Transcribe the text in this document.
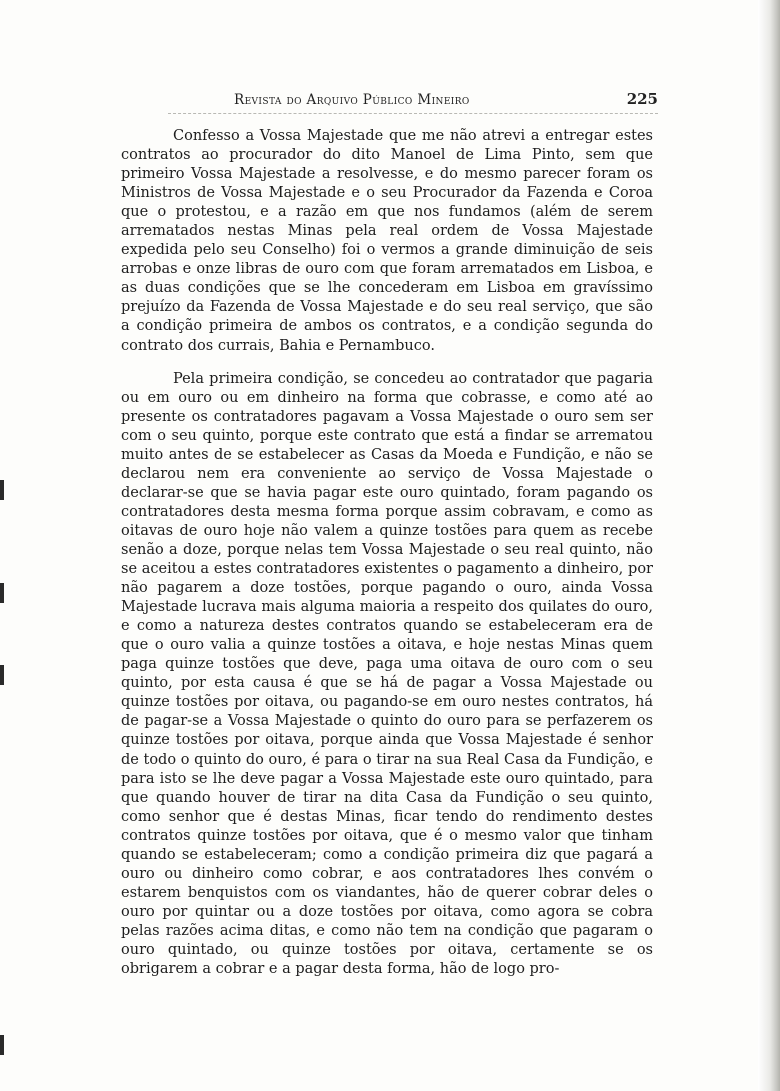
Revista do Arquivo Público Mineiro	225

Confesso a Vossa Majestade que me não atrevi a entregar estes contratos ao procurador do dito Manoel de Lima Pinto, sem que primeiro Vossa Majestade a resolvesse, e do mesmo parecer foram os Ministros de Vossa Majestade e o seu Procurador da Fazenda e Coroa que o protestou, e a razão em que nos fundamos (além de serem arrematados nestas Minas pela real ordem de Vossa Majestade expedida pelo seu Conselho) foi o vermos a grande diminuição de seis arrobas e onze libras de ouro com que foram arrematados em Lisboa, e as duas condições que se lhe concederam em Lisboa em gravíssimo prejuízo da Fazenda de Vossa Majestade e do seu real serviço, que são a condição primeira de ambos os contratos, e a condição segunda do contrato dos currais, Bahia e Pernambuco.

Pela primeira condição, se concedeu ao contratador que pagaria ou em ouro ou em dinheiro na forma que cobrasse, e como até ao presente os contratadores pagavam a Vossa Majestade o ouro sem ser com o seu quinto, porque este contrato que está a findar se arrematou muito antes de se estabelecer as Casas da Moeda e Fundição, e não se declarou nem era conveniente ao serviço de Vossa Majestade o declarar-se que se havia pagar este ouro quintado, foram pagando os contratadores desta mesma forma porque assim cobravam, e como as oitavas de ouro hoje não valem a quinze tostões para quem as recebe senão a doze, porque nelas tem Vossa Majestade o seu real quinto, não se aceitou a estes contratadores existentes o pagamento a dinheiro, por não pagarem a doze tostões, porque pagando o ouro, ainda Vossa Majestade lucrava mais alguma maioria a respeito dos quilates do ouro, e como a natureza destes contratos quando se estabeleceram era de que o ouro valia a quinze tostões a oitava, e hoje nestas Minas quem paga quinze tostões que deve, paga uma oitava de ouro com o seu quinto, por esta causa é que se há de pagar a Vossa Majestade ou quinze tostões por oitava, ou pagando-se em ouro nestes contratos, há de pagar-se a Vossa Majestade o quinto do ouro para se perfazerem os quinze tostões por oitava, porque ainda que Vossa Majestade é senhor de todo o quinto do ouro, é para o tirar na sua Real Casa da Fundição, e para isto se lhe deve pagar a Vossa Majestade este ouro quintado, para que quando houver de tirar na dita Casa da Fundição o seu quinto, como senhor que é destas Minas, ficar tendo do rendimento destes contratos quinze tostões por oitava, que é o mesmo valor que tinham quando se estabeleceram; como a condição primeira diz que pagará a ouro ou dinheiro como cobrar, e aos contratadores lhes convém o estarem benquistos com os viandantes, hão de querer cobrar deles o ouro por quintar ou a doze tostões por oitava, como agora se cobra pelas razões acima ditas, e como não tem na condição que pagaram o ouro quintado, ou quinze tostões por oitava, certamente se os obrigarem a cobrar e a pagar desta forma, hão de logo pro-
